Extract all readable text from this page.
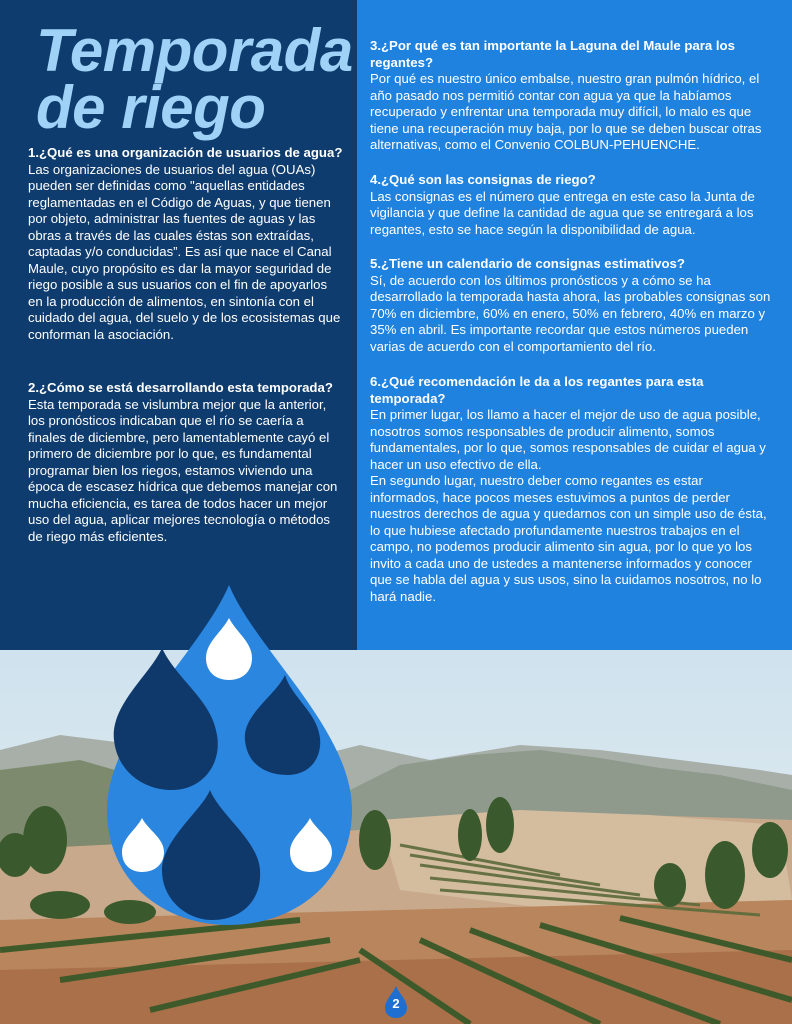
Temporada
de riego
1.¿Qué es una organización de usuarios de agua?

Las organizaciones de usuarios del agua (OUAs) pueden ser definidas como "aquellas entidades reglamentadas en el Código de Aguas, y que tienen por objeto, administrar las fuentes de aguas y las obras a través de las cuales éstas son extraídas, captadas y/o conducidas”. Es así que nace el Canal Maule, cuyo propósito es dar la mayor seguridad de riego posible a sus usuarios con el fin de apoyarlos en la producción de alimentos, en sintonía con el cuidado del agua, del suelo y de los ecosistemas que conforman la asociación.

2.¿Cómo se está desarrollando esta temporada?

Esta temporada se vislumbra mejor que la anterior, los pronósticos indicaban que el río se caería a finales de diciembre, pero lamentablemente cayó el primero de diciembre por lo que, es fundamental programar bien los riegos, estamos viviendo una época de escasez hídrica que debemos manejar con mucha eficiencia, es tarea de todos hacer un mejor uso del agua, aplicar mejores tecnología o métodos de riego más eficientes.

3.¿Por qué es tan importante la Laguna del Maule para los regantes?

Por qué es nuestro único embalse, nuestro gran pulmón hídrico, el año pasado nos permitió contar con agua ya que la habíamos recuperado y enfrentar una temporada muy difícil, lo malo es que tiene una recuperación muy baja, por lo que se deben buscar otras alternativas, como el Convenio COLBUN-PEHUENCHE.

4.¿Qué son las consignas de riego?

Las consignas es el número que entrega en este caso la Junta de vigilancia y que define la cantidad de agua que se entregará a los regantes, esto se hace según la disponibilidad de agua.

5.¿Tiene un calendario de consignas estimativos?

Sí, de acuerdo con los últimos pronósticos y a cómo se ha desarrollado la temporada hasta ahora, las probables consignas son 70% en diciembre, 60% en enero, 50% en febrero, 40% en marzo y 35% en abril. Es importante recordar que estos números pueden varias de acuerdo con el comportamiento del río.

6.¿Qué recomendación le da a los regantes para esta temporada?

En primer lugar, los llamo a hacer el mejor de uso de agua posible, nosotros somos responsables de producir alimento, somos fundamentales, por lo que, somos responsables de cuidar el agua y hacer un uso efectivo de ella.

En segundo lugar, nuestro deber como regantes es estar informados, hace pocos meses estuvimos a puntos de perder nuestros derechos de agua y quedarnos con un simple uso de ésta, lo que hubiese afectado profundamente nuestros trabajos en el campo, no podemos producir alimento sin agua, por lo que yo los invito a cada uno de ustedes a mantenerse informados y conocer que se habla del agua y sus usos, sino la cuidamos nosotros, no lo hará nadie.

2
